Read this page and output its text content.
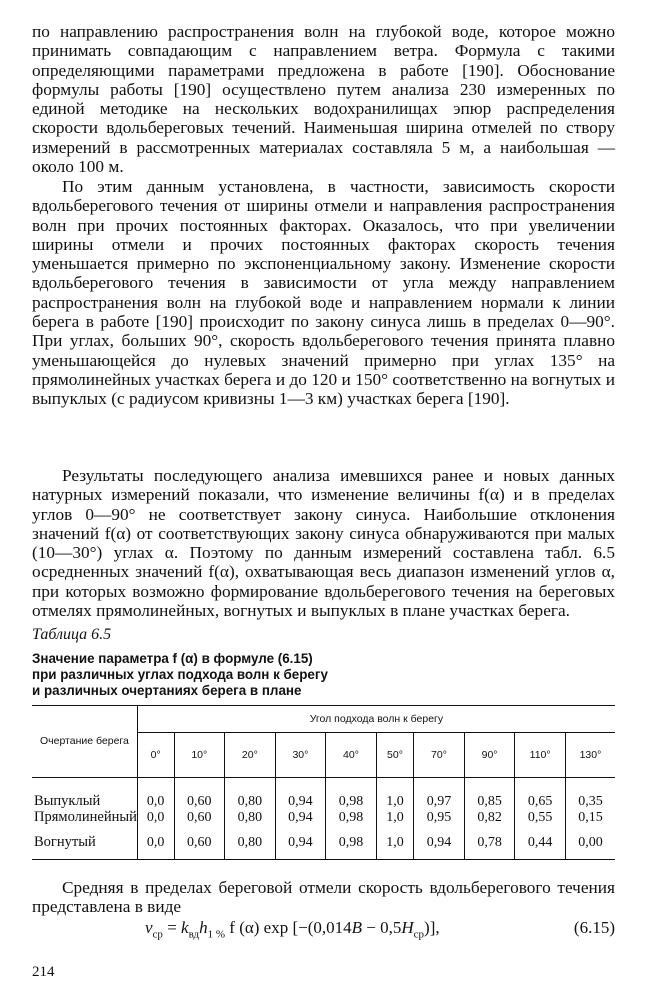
по направлению распространения волн на глубокой воде, которое можно принимать совпадающим с направлением ветра. Формула с такими определяющими параметрами предложена в работе [190]. Обоснование формулы работы [190] осуществлено путем анализа 230 измеренных по единой методике на нескольких водохранилищах эпюр распределения скорости вдольбереговых течений. Наименьшая ширина отмелей по створу измерений в рассмотренных материалах составляла 5 м, а наибольшая — около 100 м.

По этим данным установлена, в частности, зависимость скорости вдольберегового течения от ширины отмели и направления распространения волн при прочих постоянных факторах. Оказалось, что при увеличении ширины отмели и прочих постоянных факторах скорость течения уменьшается примерно по экспоненциальному закону. Изменение скорости вдольберегового течения в зависимости от угла между направлением распространения волн на глубокой воде и направлением нормали к линии берега в работе [190] происходит по закону синуса лишь в пределах 0—90°. При углах, больших 90°, скорость вдольберегового течения принята плавно уменьшающейся до нулевых значений примерно при углах 135° на прямолинейных участках берега и до 120 и 150° соответственно на вогнутых и выпуклых (с радиусом кривизны 1—3 км) участках берега [190].

Результаты последующего анализа имевшихся ранее и новых данных натурных измерений показали, что изменение величины f(α) и в пределах углов 0—90° не соответствует закону синуса. Наибольшие отклонения значений f(α) от соответствующих закону синуса обнаруживаются при малых (10—30°) углах α. Поэтому по данным измерений составлена табл. 6.5 осредненных значений f(α), охватывающая весь диапазон изменений углов α, при которых возможно формирование вдольберегового течения на береговых отмелях прямолинейных, вогнутых и выпуклых в плане участках берега.

Таблица 6.5
Значение параметра f (α) в формуле (6.15)
при различных углах подхода волн к берегу
и различных очертаниях берега в плане
Очертание берега	Угол подхода волн к берегу									
	0°	10°	20°	30°	40°	50°	70°	90°	110°	130°

Выпуклый	0,0	0,60	0,80	0,94	0,98	1,0	0,97	0,85	0,65	0,35
Прямолинейный	0,0	0,60	0,80	0,94	0,98	1,0	0,95	0,82	0,55	0,15
Вогнутый	0,0	0,60	0,80	0,94	0,98	1,0	0,94	0,78	0,44	0,00

Средняя в пределах береговой отмели скорость вдольберегового течения представлена в виде

$v_{ср} = k_{вд}h_{1 \%}$ f (α) $\exp [-(0,014B - 0,5H_{ср})]$,	(6.15)
214
